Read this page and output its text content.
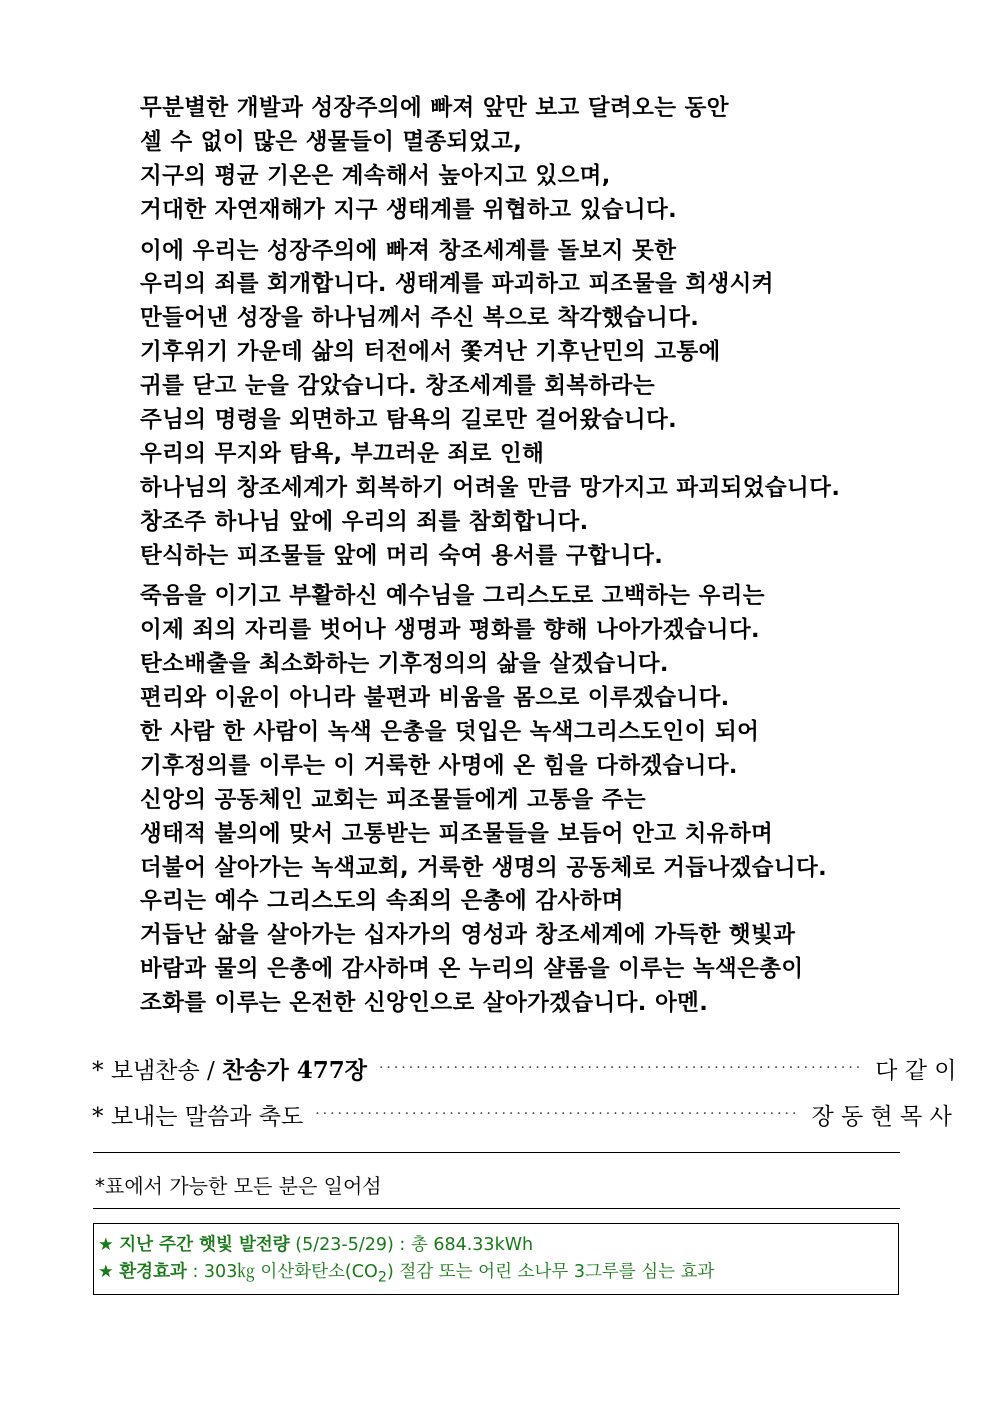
무분별한 개발과 성장주의에 빠져 앞만 보고 달려오는 동안
셀 수 없이 많은 생물들이 멸종되었고,
지구의 평균 기온은 계속해서 높아지고 있으며,
거대한 자연재해가 지구 생태계를 위협하고 있습니다.
이에 우리는 성장주의에 빠져 창조세계를 돌보지 못한
우리의 죄를 회개합니다. 생태계를 파괴하고 피조물을 희생시켜
만들어낸 성장을 하나님께서 주신 복으로 착각했습니다.
기후위기 가운데 삶의 터전에서 쫓겨난 기후난민의 고통에
귀를 닫고 눈을 감았습니다. 창조세계를 회복하라는
주님의 명령을 외면하고 탐욕의 길로만 걸어왔습니다.
우리의 무지와 탐욕, 부끄러운 죄로 인해
하나님의 창조세계가 회복하기 어려울 만큼 망가지고 파괴되었습니다.
창조주 하나님 앞에 우리의 죄를 참회합니다.
탄식하는 피조물들 앞에 머리 숙여 용서를 구합니다.
죽음을 이기고 부활하신 예수님을 그리스도로 고백하는 우리는
이제 죄의 자리를 벗어나 생명과 평화를 향해 나아가겠습니다.
탄소배출을 최소화하는 기후정의의 삶을 살겠습니다.
편리와 이윤이 아니라 불편과 비움을 몸으로 이루겠습니다.
한 사람 한 사람이 녹색 은총을 덧입은 녹색그리스도인이 되어
기후정의를 이루는 이 거룩한 사명에 온 힘을 다하겠습니다.
신앙의 공동체인 교회는 피조물들에게 고통을 주는
생태적 불의에 맞서 고통받는 피조물들을 보듬어 안고 치유하며
더불어 살아가는 녹색교회, 거룩한 생명의 공동체로 거듭나겠습니다.
우리는 예수 그리스도의 속죄의 은총에 감사하며
거듭난 삶을 살아가는 십자가의 영성과 창조세계에 가득한 햇빛과
바람과 물의 은총에 감사하며 온 누리의 샬롬을 이루는 녹색은총이
조화를 이루는 온전한 신앙인으로 살아가겠습니다. 아멘.
* 보냄찬송 / 찬송가 477장 ································································· 다 같 이
* 보내는 말씀과 축도 ································································· 장 동 현 목 사
*표에서 가능한 모든 분은 일어섬
★ 지난 주간 햇빛 발전량 (5/23-5/29) : 총 684.33kWh
★ 환경효과 : 303㎏ 이산화탄소$(CO_2)$ 절감 또는 어린 소나무 3그루를 심는 효과
